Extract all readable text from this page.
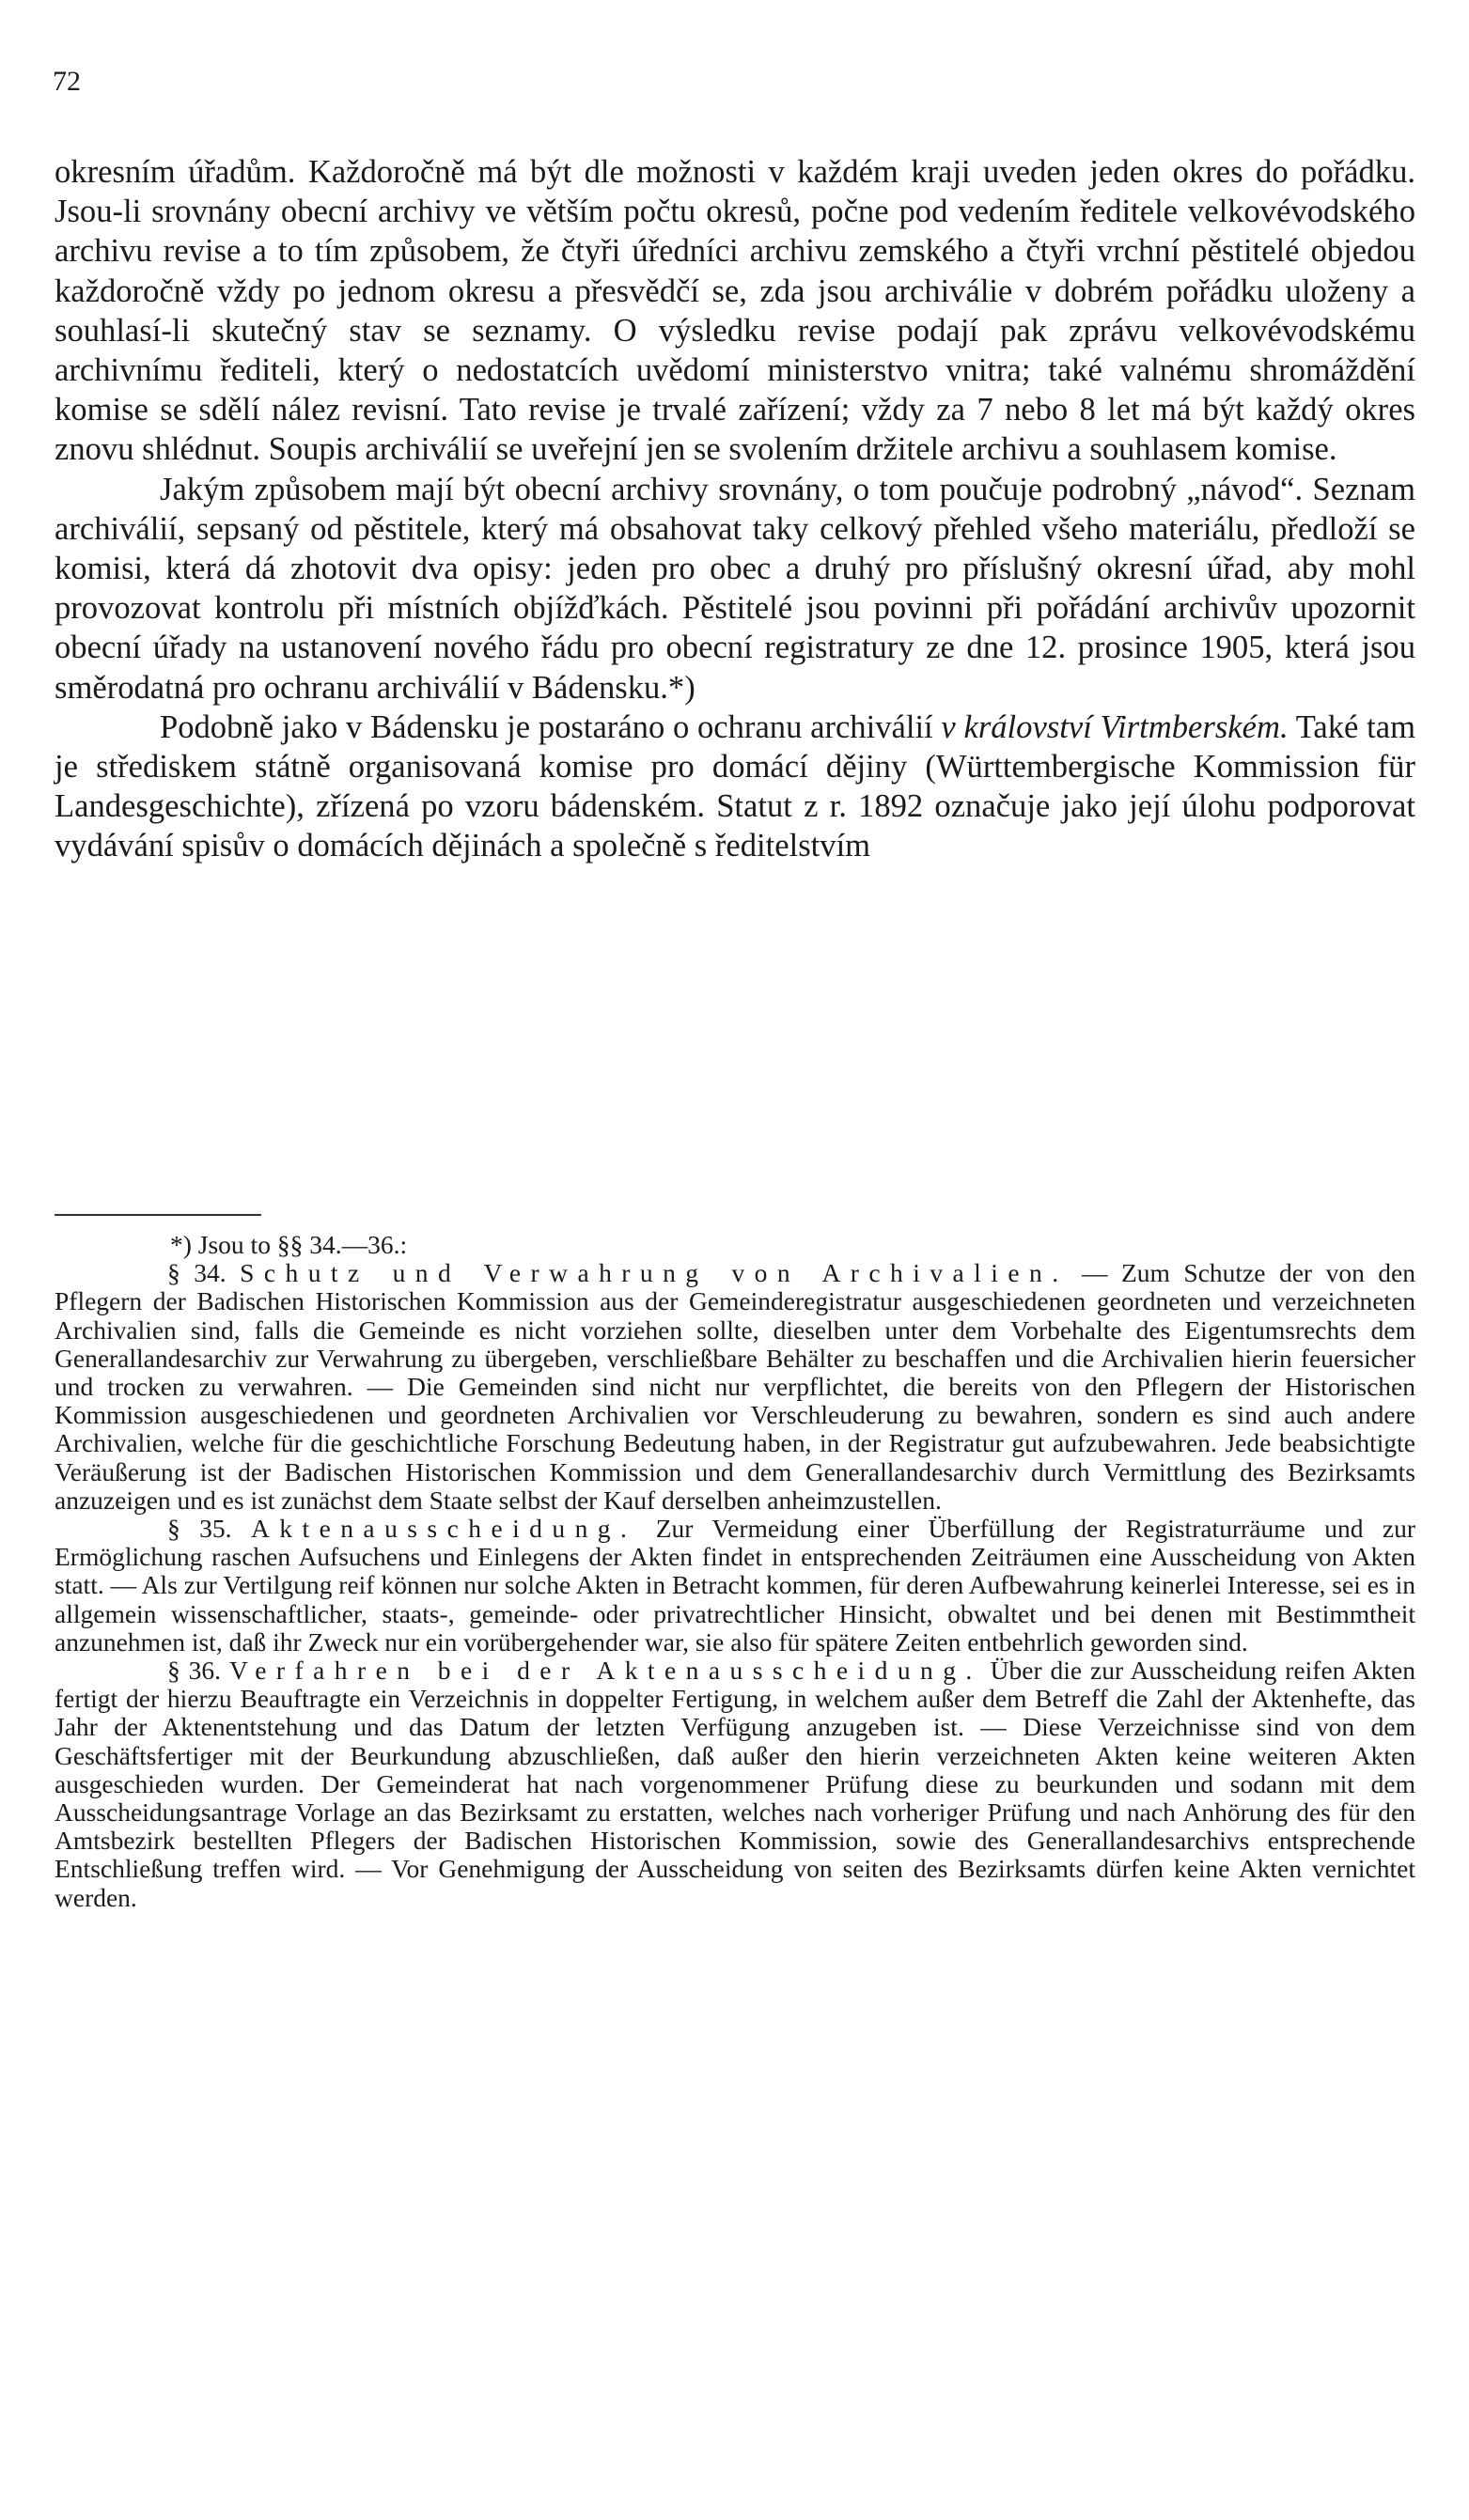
72

okresním úřadům. Každoročně má být dle možnosti v každém kraji uveden jeden okres do pořádku. Jsou-li srovnány obecní archivy ve větším počtu okresů, počne pod vedením ředitele velkovévodského archivu revise a to tím způsobem, že čtyři úředníci archivu zemského a čtyři vrchní pěstitelé objedou každoročně vždy po jednom okresu a přesvědčí se, zda jsou archiválie v dobrém pořádku uloženy a souhlasí-li skutečný stav se seznamy. O výsledku revise podají pak zprávu velkovévodskému archivnímu řediteli, který o nedostatcích uvědomí ministerstvo vnitra; také valnému shromáždění komise se sdělí nález revisní. Tato revise je trvalé zařízení; vždy za 7 nebo 8 let má být každý okres znovu shlédnut. Soupis archiválií se uveřejní jen se svolením držitele archivu a souhlasem komise.

Jakým způsobem mají být obecní archivy srovnány, o tom poučuje podrobný „návod“. Seznam archiválií, sepsaný od pěstitele, který má obsahovat taky celkový přehled všeho materiálu, předloží se komisi, která dá zhotovit dva opisy: jeden pro obec a druhý pro příslušný okresní úřad, aby mohl provozovat kontrolu při místních objížďkách. Pěstitelé jsou povinni při pořádání archivův upozornit obecní úřady na ustanovení nového řádu pro obecní registratury ze dne 12. prosince 1905, která jsou směrodatná pro ochranu archiválií v Bádensku.*)

Podobně jako v Bádensku je postaráno o ochranu archiválií v království Virtmberském. Také tam je střediskem státně organisovaná komise pro domácí dějiny (Württembergische Kommission für Landesgeschichte), zřízená po vzoru bádenském. Statut z r. 1892 označuje jako její úlohu podporovat vydávání spisův o domácích dějinách a společně s ředitelstvím

*) Jsou to §§ 34.—36.:

§ 34. Schutz und Verwahrung von Archivalien. — Zum Schutze der von den Pflegern der Badischen Historischen Kommission aus der Gemeinderegistratur ausgeschiedenen geordneten und verzeichneten Archivalien sind, falls die Gemeinde es nicht vorziehen sollte, dieselben unter dem Vorbehalte des Eigentumsrechts dem Generallandesarchiv zur Verwahrung zu übergeben, verschließbare Behälter zu beschaffen und die Archivalien hierin feuersicher und trocken zu verwahren. — Die Gemeinden sind nicht nur verpflichtet, die bereits von den Pflegern der Historischen Kommission ausgeschiedenen und geordneten Archivalien vor Verschleuderung zu bewahren, sondern es sind auch andere Archivalien, welche für die geschichtliche Forschung Bedeutung haben, in der Registratur gut aufzubewahren. Jede beabsichtigte Veräußerung ist der Badischen Historischen Kommission und dem Generallandesarchiv durch Vermittlung des Bezirksamts anzuzeigen und es ist zunächst dem Staate selbst der Kauf derselben anheimzustellen.

§ 35. Aktenausscheidung. Zur Vermeidung einer Überfüllung der Registraturräume und zur Ermöglichung raschen Aufsuchens und Einlegens der Akten findet in entsprechenden Zeiträumen eine Ausscheidung von Akten statt. — Als zur Vertilgung reif können nur solche Akten in Betracht kommen, für deren Aufbewahrung keinerlei Interesse, sei es in allgemein wissenschaftlicher, staats-, gemeinde- oder privatrechtlicher Hinsicht, obwaltet und bei denen mit Bestimmtheit anzunehmen ist, daß ihr Zweck nur ein vorübergehender war, sie also für spätere Zeiten entbehrlich geworden sind.

§ 36. Verfahren bei der Aktenausscheidung. Über die zur Ausscheidung reifen Akten fertigt der hierzu Beauftragte ein Verzeichnis in doppelter Fertigung, in welchem außer dem Betreff die Zahl der Aktenhefte, das Jahr der Aktenentstehung und das Datum der letzten Verfügung anzugeben ist. — Diese Verzeichnisse sind von dem Geschäftsfertiger mit der Beurkundung abzuschließen, daß außer den hierin verzeichneten Akten keine weiteren Akten ausgeschieden wurden. Der Gemeinderat hat nach vorgenommener Prüfung diese zu beurkunden und sodann mit dem Ausscheidungsantrage Vorlage an das Bezirksamt zu erstatten, welches nach vorheriger Prüfung und nach Anhörung des für den Amtsbezirk bestellten Pflegers der Badischen Historischen Kommission, sowie des Generallandesarchivs entsprechende Entschließung treffen wird. — Vor Genehmigung der Ausscheidung von seiten des Bezirksamts dürfen keine Akten vernichtet werden.
